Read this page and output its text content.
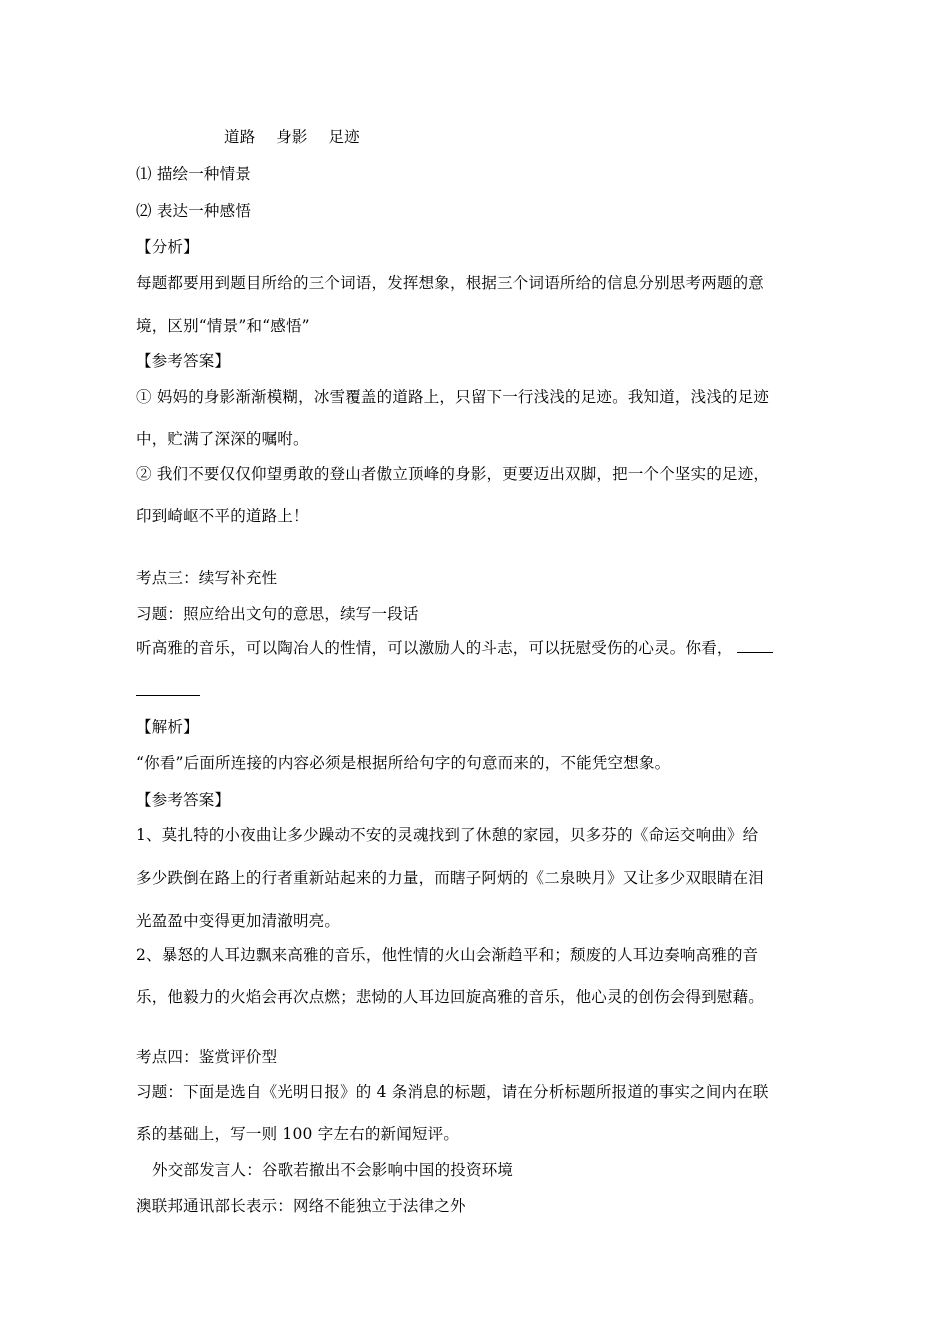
道路　 身影 　足迹
⑴ 描绘一种情景
⑵ 表达一种感悟
【分析】
每题都要用到题目所给的三个词语，发挥想象，根据三个词语所给的信息分别思考两题的意
境，区别“情景”和“感悟”
【参考答案】
① 妈妈的身影渐渐模糊，冰雪覆盖的道路上，只留下一行浅浅的足迹。我知道，浅浅的足迹
中，贮满了深深的嘱咐。
② 我们不要仅仅仰望勇敢的登山者傲立顶峰的身影，更要迈出双脚，把一个个坚实的足迹，
印到崎岖不平的道路上！
考点三：续写补充性
习题：照应给出文句的意思，续写一段话
听高雅的音乐，可以陶冶人的性情，可以激励人的斗志，可以抚慰受伤的心灵。你看，
【解析】
“你看”后面所连接的内容必须是根据所给句字的句意而来的，不能凭空想象。
【参考答案】
1、莫扎特的小夜曲让多少躁动不安的灵魂找到了休憩的家园，贝多芬的《命运交响曲》给
多少跌倒在路上的行者重新站起来的力量，而瞎子阿炳的《二泉映月》又让多少双眼睛在泪
光盈盈中变得更加清澈明亮。
2、暴怒的人耳边飘来高雅的音乐，他性情的火山会渐趋平和；颓废的人耳边奏响高雅的音
乐，他毅力的火焰会再次点燃；悲恸的人耳边回旋高雅的音乐，他心灵的创伤会得到慰藉。
考点四：鉴赏评价型
习题：下面是选自《光明日报》的 4 条消息的标题，请在分析标题所报道的事实之间内在联
系的基础上，写一则 100 字左右的新闻短评。
外交部发言人：谷歌若撤出不会影响中国的投资环境
澳联邦通讯部长表示：网络不能独立于法律之外
